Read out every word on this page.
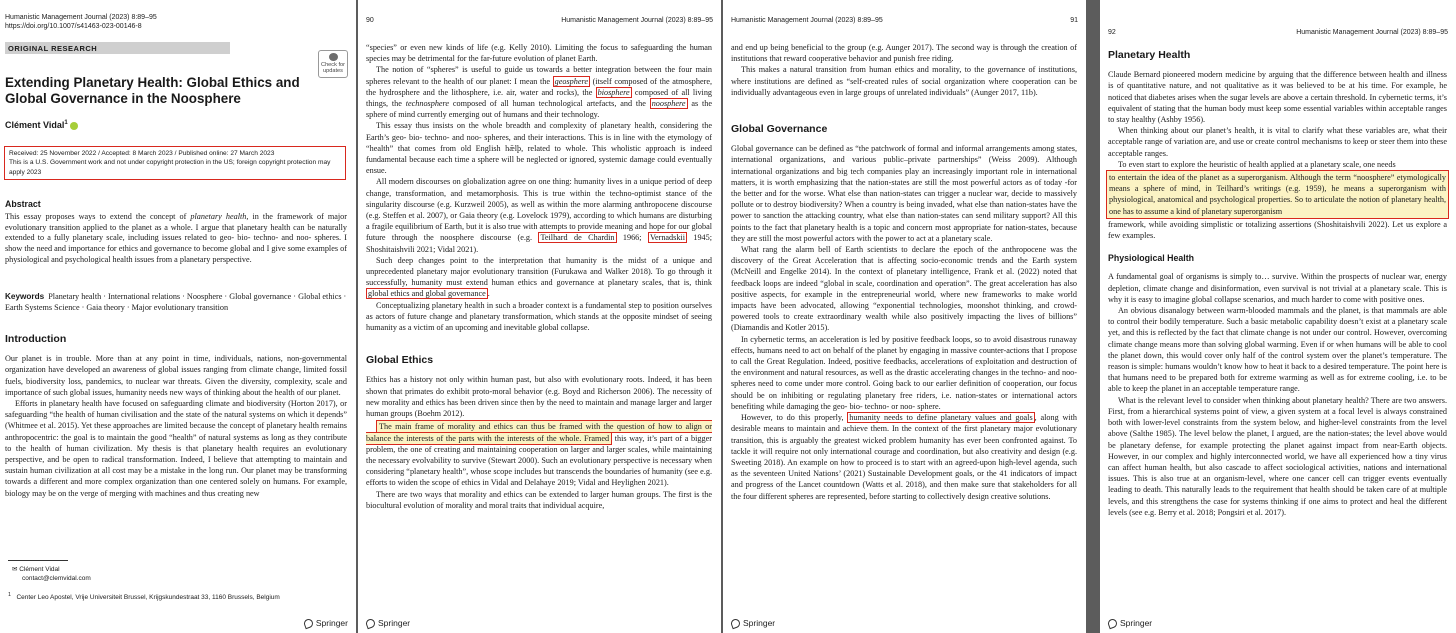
Humanistic Management Journal (2023) 8:89–95
https://doi.org/10.1007/s41463-023-00146-8
ORIGINAL RESEARCH
Check for updates
Extending Planetary Health: Global Ethics and Global Governance in the Noosphere
Clément Vidal$^1$
Received: 25 November 2022 / Accepted: 8 March 2023 / Published online: 27 March 2023
This is a U.S. Government work and not under copyright protection in the US; foreign copyright protection may apply 2023
Abstract
This essay proposes ways to extend the concept of planetary health, in the framework of major evolutionary transition applied to the planet as a whole. I argue that planetary health can be naturally extended to a fully planetary scale, including issues related to geo- bio- techno- and noo- spheres. I show the need and importance for ethics and governance to become global and I give some examples of physiological and psychological health issues from a planetary perspective.
Keywords Planetary health · International relations · Noosphere · Global governance · Global ethics · Earth Systems Science · Gaia theory · Major evolutionary transition
Introduction

Our planet is in trouble. More than at any point in time, individuals, nations, non-governmental organization have developed an awareness of global issues ranging from climate change, limited fossil fuels, biodiversity loss, pandemics, to nuclear war threats. Given the diversity, complexity, scale and importance of such global issues, humanity needs new ways of thinking about the health of our planet.

Efforts in planetary health have focused on safeguarding climate and biodiversity (Horton 2017), or safeguarding “the health of human civilisation and the state of the natural systems on which it depends” (Whitmee et al. 2015). Yet these approaches are limited because the concept of planetary health remains anthropocentric: the goal is to maintain the good “health” of natural systems as long as they contribute to the health of human civilization. My thesis is that planetary health requires an evolutionary perspective, and be open to radical transformation. Indeed, I believe that attempting to maintain and sustain human civilization at all cost may be a mistake in the long run. Our planet may be transforming towards a different and more complex organization than one centered solely on humans. For example, biology may be on the verge of merging with machines and thus creating new

✉ Clément Vidal
contact@clemvidal.com
$^1$ Center Leo Apostel, Vrije Universiteit Brussel, Krijgskundestraat 33, 1160 Brussels, Belgium
Springer
90	Humanistic Management Journal (2023) 8:89–95

“species” or even new kinds of life (e.g. Kelly 2010). Limiting the focus to safeguarding the human species may be detrimental for the far-future evolution of planet Earth.

The notion of “spheres” is useful to guide us towards a better integration between the four main spheres relevant to the health of our planet: I mean the geosphere (itself composed of the atmosphere, the hydrosphere and the lithosphere, i.e. air, water and rocks), the biosphere composed of all living things, the technosphere composed of all human technological artefacts, and the noosphere as the sphere of mind currently emerging out of humans and their technology.

This essay thus insists on the whole breadth and complexity of planetary health, considering the Earth’s geo- bio- techno- and noo- spheres, and their interactions. This is in line with the etymology of “health” that comes from old English hǣlþ, related to whole. This wholistic approach is indeed fundamental because each time a sphere will be neglected or ignored, systemic damage could eventually ensue.

All modern discourses on globalization agree on one thing: humanity lives in a unique period of deep change, transformation, and metamorphosis. This is true within the techno-optimist stance of the singularity discourse (e.g. Kurzweil 2005), as well as within the more alarming anthropocene discourse (e.g. Steffen et al. 2007), or Gaia theory (e.g. Lovelock 1979), according to which humans are disturbing a fragile equilibrium of Earth, but it is also true with attempts to provide meaning and hope for our global future through the noosphere discourse (e.g. Teilhard de Chardin 1966; Vernadskii 1945; Shoshitaishvili 2021; Vidal 2021).

Such deep changes point to the interpretation that humanity is the midst of a unique and unprecedented planetary major evolutionary transition (Furukawa and Walker 2018). To go through it successfully, humanity must extend human ethics and governance at planetary scales, that is, think global ethics and global governance .

Conceptualizing planetary health in such a broader context is a fundamental step to position ourselves as actors of future change and planetary transformation, which stands at the opposite mindset of seeing humanity as a victim of an upcoming and inevitable global collapse.

Global Ethics

Ethics has a history not only within human past, but also with evolutionary roots. Indeed, it has been shown that primates do exhibit proto-moral behavior (e.g. Boyd and Richerson 2006). The necessity of new morality and ethics has been driven since then by the need to maintain and manage larger and larger human groups (Boehm 2012).

The main frame of morality and ethics can thus be framed with the question of how to align or balance the interests of the parts with the interests of the whole. Framed this way, it’s part of a bigger problem, the one of creating and maintaining cooperation on larger and larger scales, while maintaining the necessary evolvability to survive (Stewart 2000). Such an evolutionary perspective is necessary when considering “planetary health”, whose scope includes but transcends the boundaries of humanity (see e.g. efforts to widen the scope of ethics in Vidal and Delahaye 2019; Vidal and Heylighen 2021).

There are two ways that morality and ethics can be extended to larger human groups. The first is the biocultural evolution of morality and moral traits that individual acquire,

Springer
Humanistic Management Journal (2023) 8:89–95	91

and end up being beneficial to the group (e.g. Aunger 2017). The second way is through the creation of institutions that reward cooperative behavior and punish free riding.

This makes a natural transition from human ethics and morality, to the governance of institutions, where institutions are defined as “self-created rules of social organization where cooperation can be individually advantageous even in large groups of unrelated individuals” (Aunger 2017, 11b).

Global Governance

Global governance can be defined as “the patchwork of formal and informal arrangements among states, international organizations, and various public–private partnerships” (Weiss 2009). Although international organizations and big tech companies play an increasingly important role in international matters, it is worth emphasizing that the nation-states are still the most powerful actors as of today -for the better and for the worse. What else than nation-states can trigger a nuclear war, decide to massively pollute or to destroy biodiversity? When a country is being invaded, what else than nation-states have the power to sanction the attacking country, what else than nation-states can send military support? All this points to the fact that planetary health is a topic and concern most appropriate for nation-states, because they are still the most powerful actors with the power to act at a planetary scale.

What rang the alarm bell of Earth scientists to declare the epoch of the anthropocene was the discovery of the Great Acceleration that is affecting socio-economic trends and the Earth system (McNeill and Engelke 2014). In the context of planetary intelligence, Frank et al. (2022) noted that feedback loops are indeed “global in scale, coordination and operation”. The great acceleration has also positive aspects, for example in the entrepreneurial world, where new frameworks to make world impacts have been advocated, allowing “exponential technologies, moonshot thinking, and crowd-powered tools to create extraordinary wealth while also positively impacting the lives of billions” (Diamandis and Kotler 2015).

In cybernetic terms, an acceleration is led by positive feedback loops, so to avoid disastrous runaway effects, humans need to act on behalf of the planet by engaging in massive counter-actions that I propose to call the Great Regulation. Indeed, positive feedbacks, accelerations of exploitation and destruction of the environment and natural resources, as well as the drastic accelerating changes in the techno- and noo- spheres need to come under more control. Going back to our earlier definition of cooperation, our focus should be on inhibiting or regulating planetary free riders, i.e. nation-states or international actors benefiting while damaging the geo- bio- techno- or noo- sphere.

However, to do this properly, humanity needs to define planetary values and goals , along with desirable means to maintain and achieve them. In the context of the first planetary major evolutionary transition, this is arguably the greatest wicked problem humanity has ever been confronted against. To tackle it will require not only international courage and coordination, but also creativity and design (e.g. Sweeting 2018). An example on how to proceed is to start with an agreed-upon high-level agenda, such as the seventeen United Nations’ (2021) Sustainable Development goals, or the 41 indicators of impact and progress of the Lancet countdown (Watts et al. 2018), and then make sure that stakeholders for all the four different spheres are represented, before starting to collectively design creative solutions.

Springer
92	Humanistic Management Journal (2023) 8:89–95
Planetary Health

Claude Bernard pioneered modern medicine by arguing that the difference between health and illness is of quantitative nature, and not qualitative as it was believed to be at his time. For example, he noticed that diabetes arises when the sugar levels are above a certain threshold. In cybernetic terms, it’s equivalent of stating that the human body must keep some essential variables within acceptable ranges to stay healthy (Ashby 1956).

When thinking about our planet’s health, it is vital to clarify what these variables are, what their acceptable range of variation are, and use or create control mechanisms to keep or steer them into these acceptable ranges.

To even start to explore the heuristic of health applied at a planetary scale, one needs

to entertain the idea of the planet as a superorganism. Although the term “noosphere” etymologically means a sphere of mind, in Teilhard’s writings (e.g. 1959), he means a superorganism with physiological, anatomical and psychological properties. So to articulate the notion of planetary health, one has to assume a kind of planetary superorganism

framework, while avoiding simplistic or totalizing assertions (Shoshitaishvili 2022). Let us explore a few examples.

Physiological Health

A fundamental goal of organisms is simply to… survive. Within the prospects of nuclear war, energy depletion, climate change and disinformation, even survival is not trivial at a planetary scale. This is why it is easy to imagine global collapse scenarios, and much harder to come with positive ones.

An obvious disanalogy between warm-blooded mammals and the planet, is that mammals are able to control their bodily temperature. Such a basic metabolic capability doesn’t exist at a planetary scale yet, and this is reflected by the fact that climate change is not under our control. However, overcoming climate change means more than solving global warming. Even if or when humans will be able to cool the planet down, this would cover only half of the control system over the planet’s temperature. The reason is simple: humans wouldn’t know how to heat it back to a desired temperature. The point here is that humans need to be prepared both for extreme warming as well as for extreme cooling, i.e. to be able to keep the planet in an acceptable temperature range.

What is the relevant level to consider when thinking about planetary health? There are two answers. First, from a hierarchical systems point of view, a given system at a focal level is always constrained both with lower-level constraints from the system below, and higher-level constraints from the level above (Salthe 1985). The level below the planet, I argued, are the nation-states; the level above would be planetary defense, for example protecting the planet against impact from near-Earth objects. However, in our complex and highly interconnected world, we have all experienced how a tiny virus can affect human health, but also cascade to affect sociological activities, nations and international issues. This is also true at an organism-level, where one cancer cell can trigger events eventually leading to death. This naturally leads to the requirement that health should be taken care of at multiple levels, and this strengthens the case for systems thinking if one aims to protect and heal the different levels (see e.g. Berry et al. 2018; Pongsiri et al. 2017).

Springer
